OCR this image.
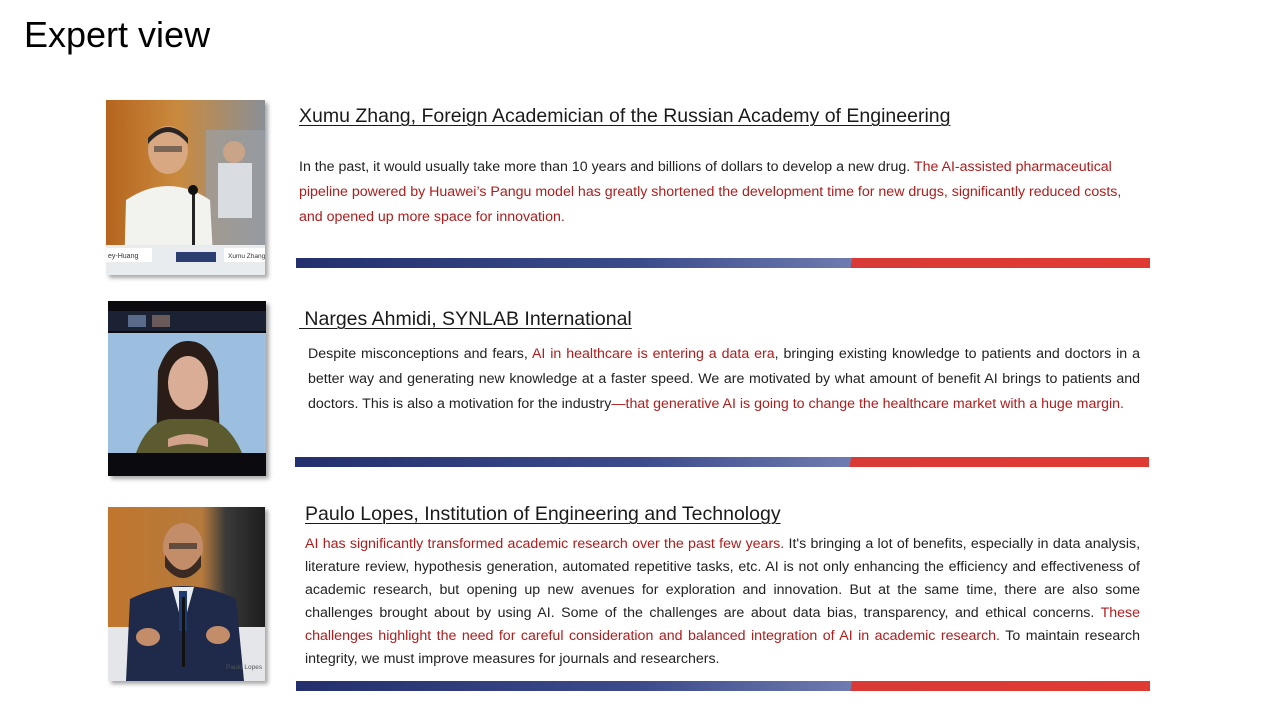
Expert view
ey-Huang	Xumu Zhang
Xumu Zhang, Foreign Academician of the Russian Academy of Engineering
In the past, it would usually take more than 10 years and billions of dollars to develop a new drug. The AI-assisted pharmaceutical pipeline powered by Huawei’s Pangu model has greatly shortened the development time for new drugs, significantly reduced costs, and opened up more space for innovation.
Narges Ahmidi, SYNLAB International
Despite misconceptions and fears, AI in healthcare is entering a data era, bringing existing knowledge to patients and doctors in a better way and generating new knowledge at a faster speed. We are motivated by what amount of benefit AI brings to patients and doctors. This is also a motivation for the industry—that generative AI is going to change the healthcare market with a huge margin.
Paulo Lopes
Paulo Lopes, Institution of Engineering and Technology
AI has significantly transformed academic research over the past few years. It's bringing a lot of benefits, especially in data analysis, literature review, hypothesis generation, automated repetitive tasks, etc. AI is not only enhancing the efficiency and effectiveness of academic research, but opening up new avenues for exploration and innovation. But at the same time, there are also some challenges brought about by using AI. Some of the challenges are about data bias, transparency, and ethical concerns. These challenges highlight the need for careful consideration and balanced integration of AI in academic research. To maintain research integrity, we must improve measures for journals and researchers.
